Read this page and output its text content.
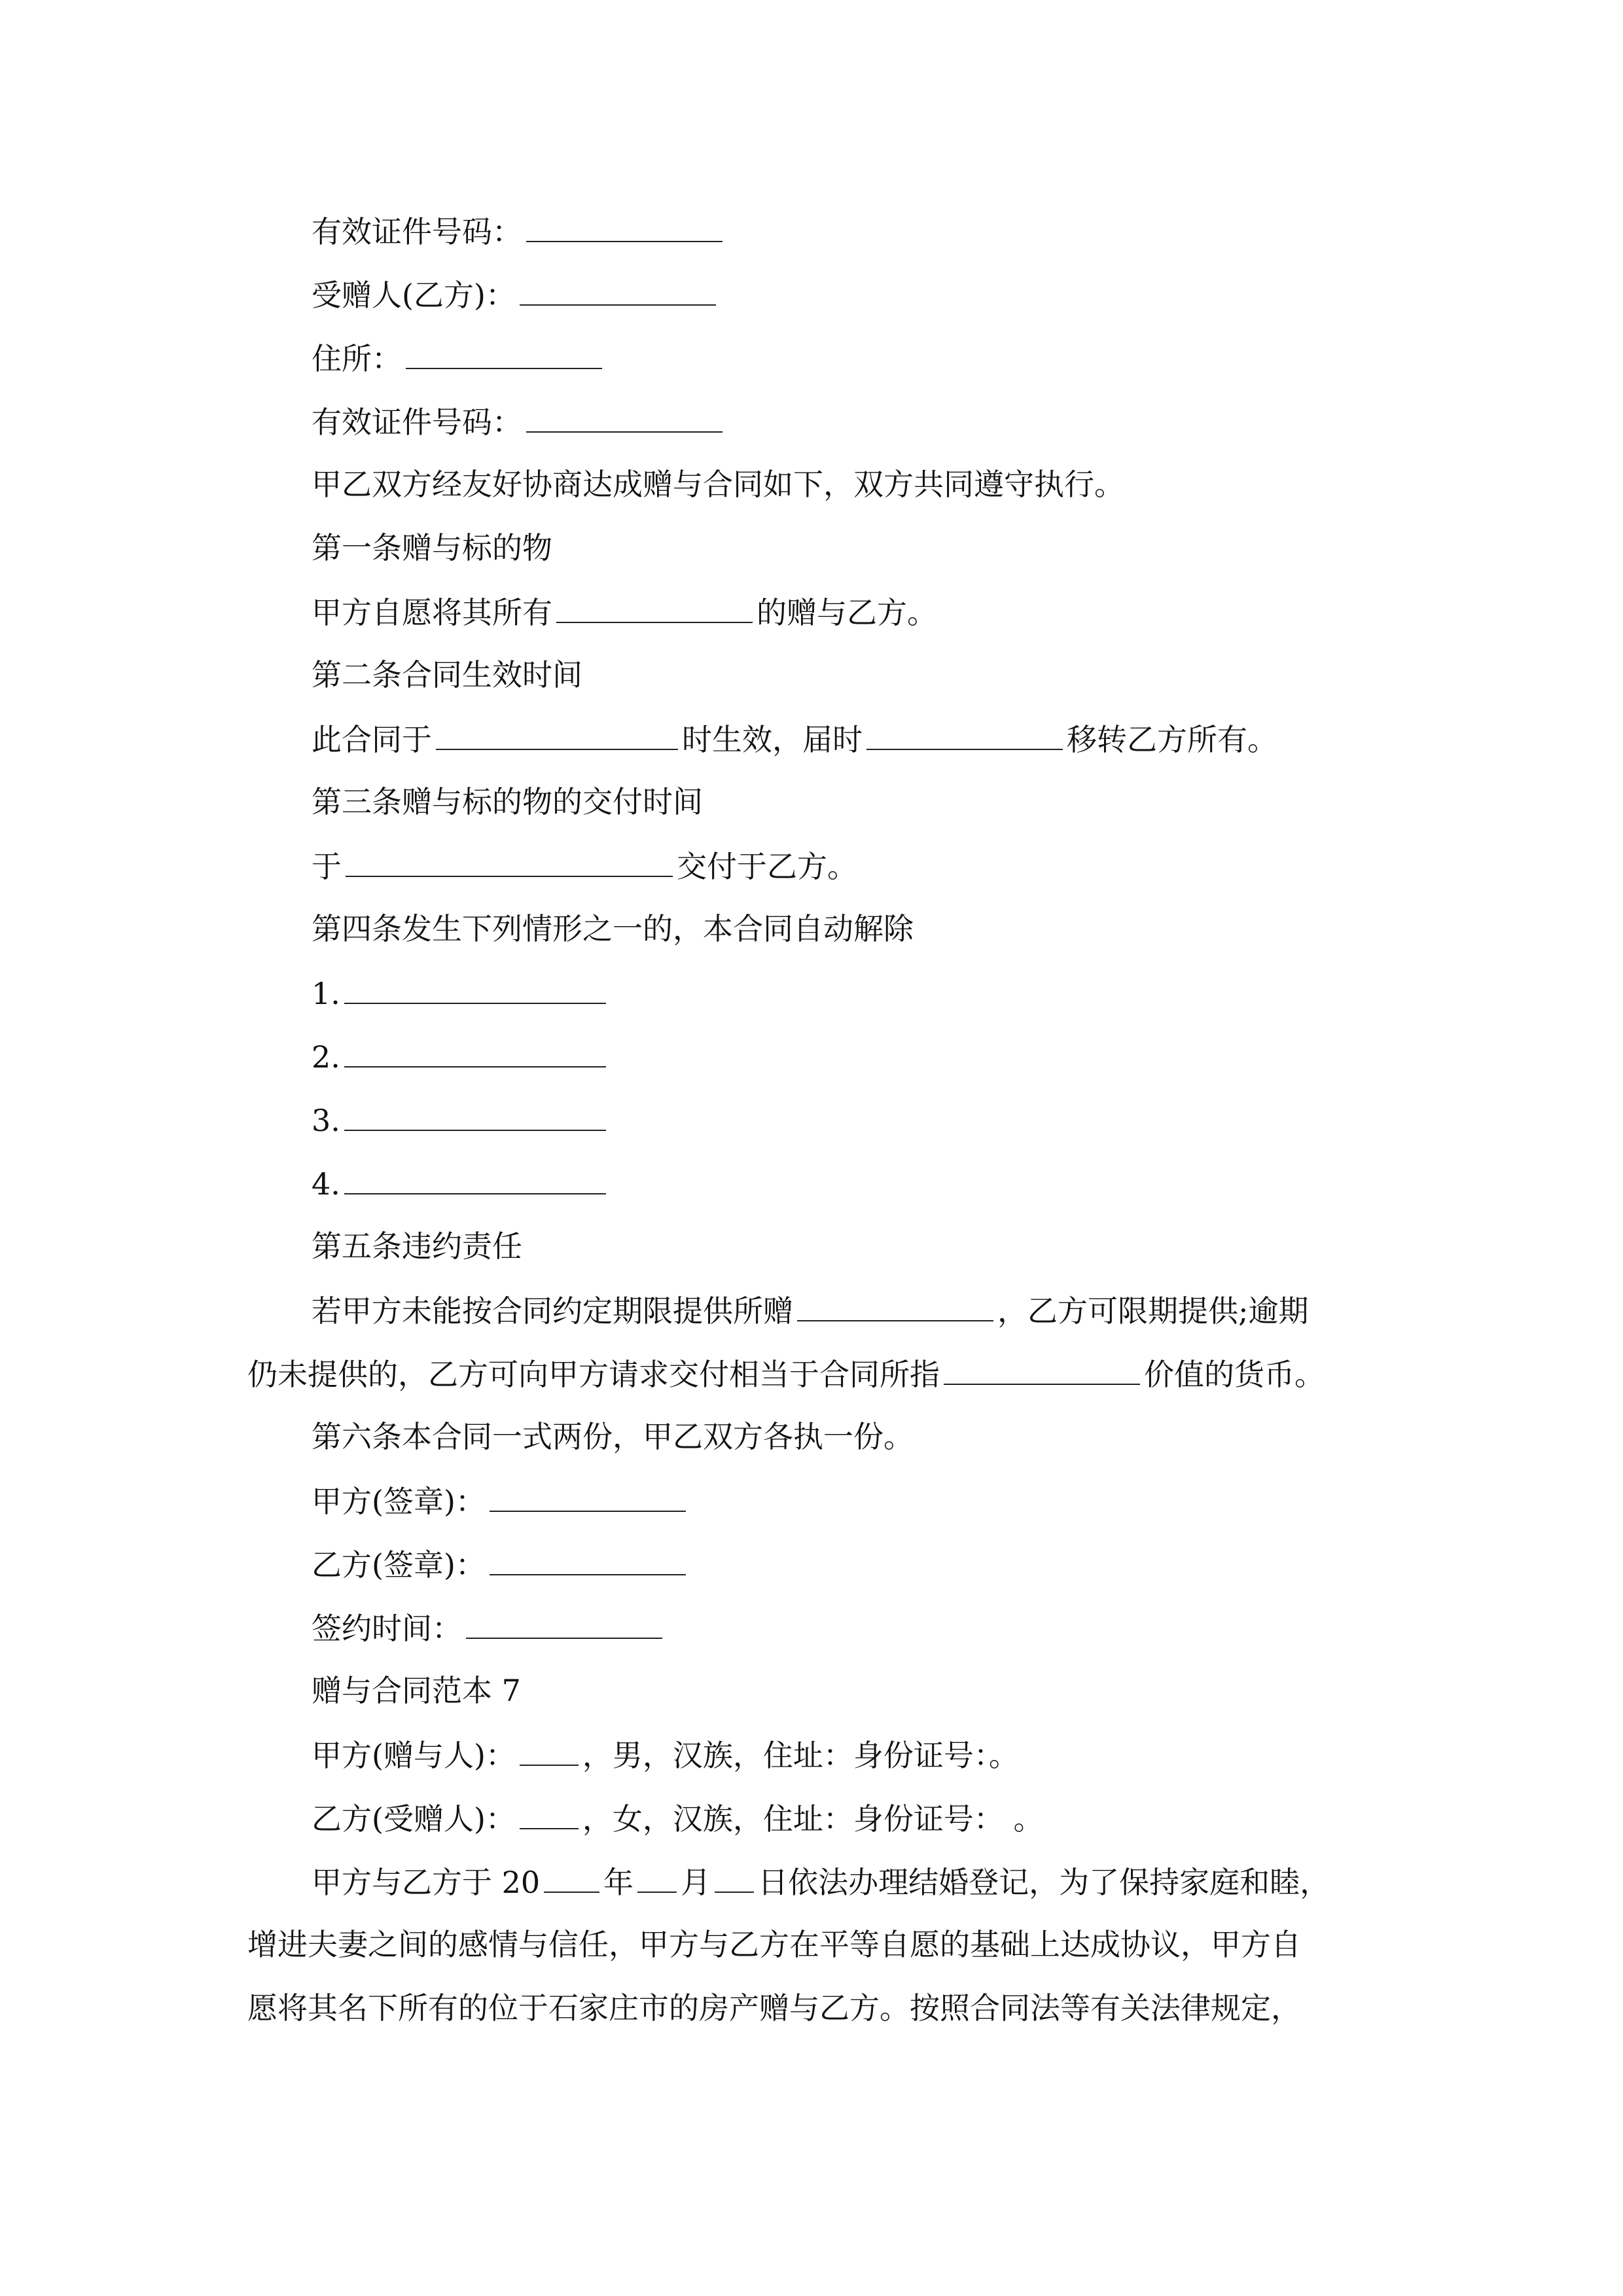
有效证件号码：
受赠人(乙方)：
住所：
有效证件号码：
甲乙双方经友好协商达成赠与合同如下，双方共同遵守执行。
第一条赠与标的物
甲方自愿将其所有	的赠与乙方。
第二条合同生效时间
此合同于	时生效，届时	移转乙方所有。
第三条赠与标的物的交付时间
于	交付于乙方。
第四条发生下列情形之一的，本合同自动解除
1.
2.
3.
4.
第五条违约责任
若甲方未能按合同约定期限提供所赠	，乙方可限期提供;逾期
仍未提供的，乙方可向甲方请求交付相当于合同所指	价值的货币。
第六条本合同一式两份，甲乙双方各执一份。
甲方(签章)：
乙方(签章)：
签约时间：
赠与合同范本 7
甲方(赠与人)： ，男，汉族，住址：身份证号：。
乙方(受赠人)： ，女，汉族，住址：身份证号： 。
甲方与乙方于 20 年 月 日依法办理结婚登记，为了保持家庭和睦，
增进夫妻之间的感情与信任，甲方与乙方在平等自愿的基础上达成协议，甲方自
愿将其名下所有的位于石家庄市的房产赠与乙方。按照合同法等有关法律规定，
